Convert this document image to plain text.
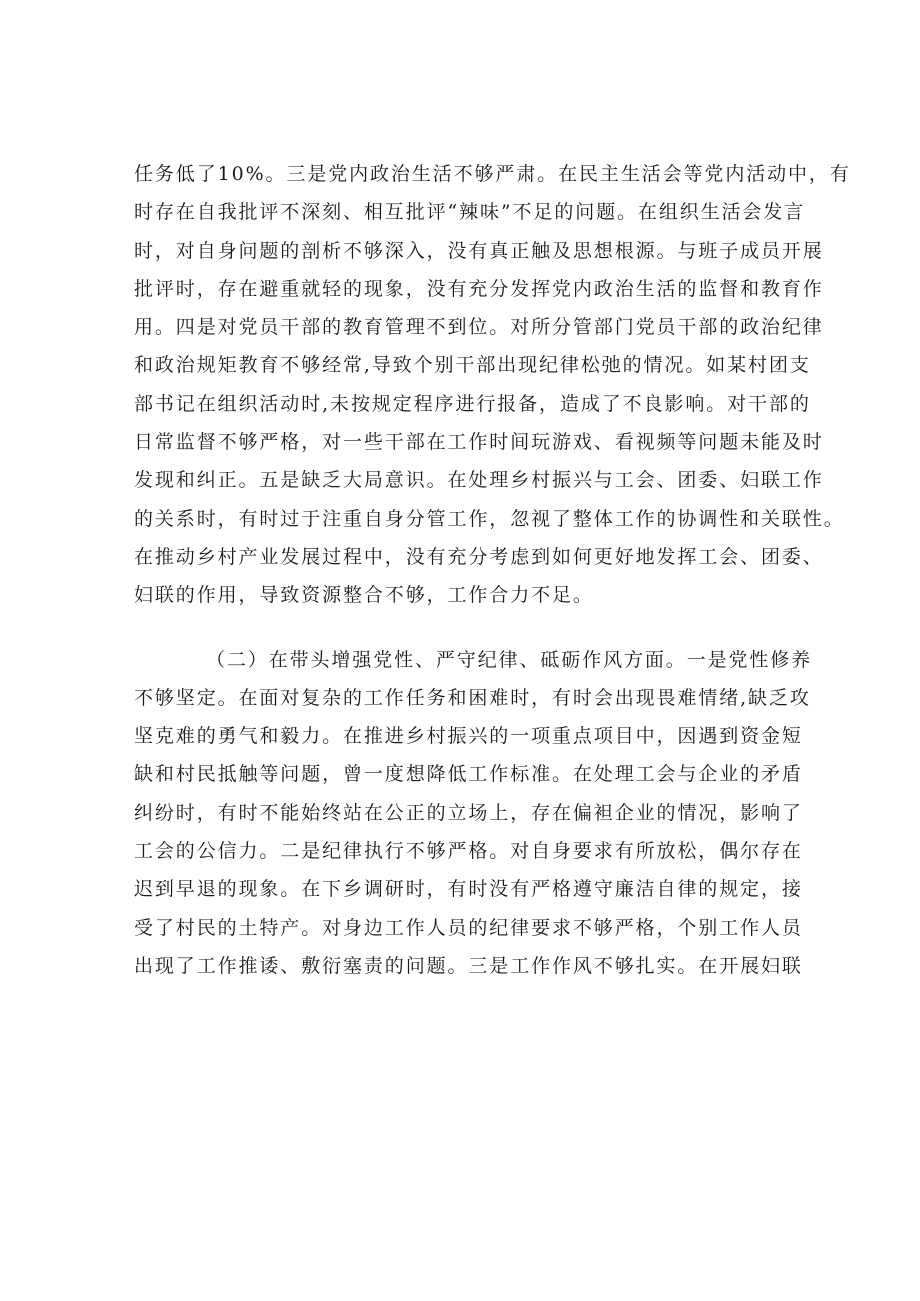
任务低了10%。三是党内政治生活不够严肃。在民主生活会等党内活动中，有
时存在自我批评不深刻、相互批评“辣味”不足的问题。在组织生活会发言
时，对自身问题的剖析不够深入，没有真正触及思想根源。与班子成员开展
批评时，存在避重就轻的现象，没有充分发挥党内政治生活的监督和教育作
用。四是对党员干部的教育管理不到位。对所分管部门党员干部的政治纪律
和政治规矩教育不够经常,导致个别干部出现纪律松弛的情况。如某村团支
部书记在组织活动时,未按规定程序进行报备，造成了不良影响。对干部的
日常监督不够严格，对一些干部在工作时间玩游戏、看视频等问题未能及时
发现和纠正。五是缺乏大局意识。在处理乡村振兴与工会、团委、妇联工作
的关系时，有时过于注重自身分管工作，忽视了整体工作的协调性和关联性。
在推动乡村产业发展过程中，没有充分考虑到如何更好地发挥工会、团委、
妇联的作用，导致资源整合不够，工作合力不足。
（二）在带头增强党性、严守纪律、砥砺作风方面。一是党性修养
不够坚定。在面对复杂的工作任务和困难时，有时会出现畏难情绪,缺乏攻
坚克难的勇气和毅力。在推进乡村振兴的一项重点项目中，因遇到资金短
缺和村民抵触等问题，曾一度想降低工作标准。在处理工会与企业的矛盾
纠纷时，有时不能始终站在公正的立场上，存在偏袒企业的情况，影响了
工会的公信力。二是纪律执行不够严格。对自身要求有所放松，偶尔存在
迟到早退的现象。在下乡调研时，有时没有严格遵守廉洁自律的规定，接
受了村民的土特产。对身边工作人员的纪律要求不够严格，个别工作人员
出现了工作推诿、敷衍塞责的问题。三是工作作风不够扎实。在开展妇联
